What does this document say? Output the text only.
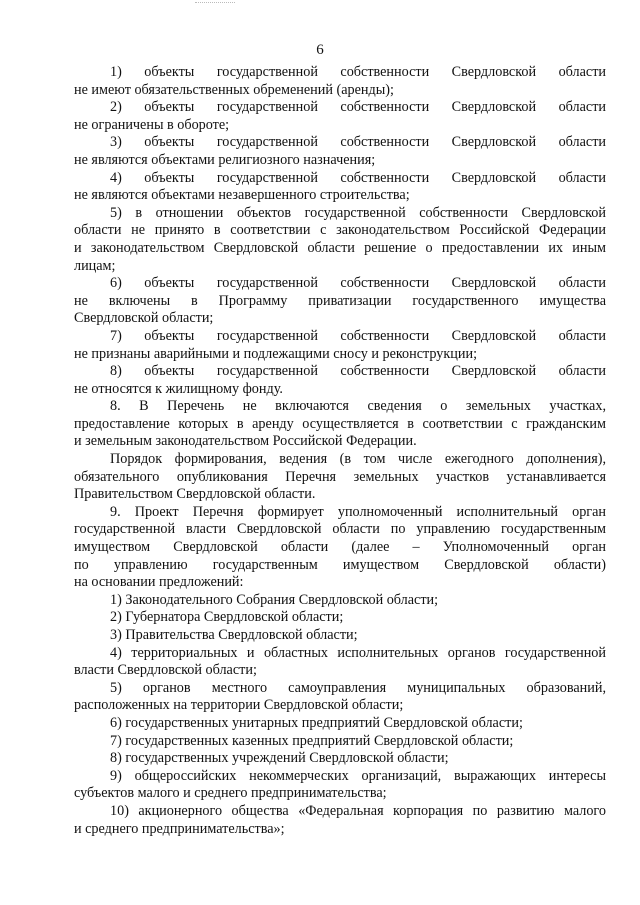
6
1) объекты государственной собственности Свердловской области
не имеют обязательственных обременений (аренды);
2) объекты государственной собственности Свердловской области
не ограничены в обороте;
3) объекты государственной собственности Свердловской области
не являются объектами религиозного назначения;
4) объекты государственной собственности Свердловской области
не являются объектами незавершенного строительства;
5) в отношении объектов государственной собственности Свердловской
области не принято в соответствии с законодательством Российской Федерации
и законодательством Свердловской области решение о предоставлении их иным
лицам;
6) объекты государственной собственности Свердловской области
не включены в Программу приватизации государственного имущества
Свердловской области;
7) объекты государственной собственности Свердловской области
не признаны аварийными и подлежащими сносу и реконструкции;
8) объекты государственной собственности Свердловской области
не относятся к жилищному фонду.
8. В Перечень не включаются сведения о земельных участках,
предоставление которых в аренду осуществляется в соответствии с гражданским
и земельным законодательством Российской Федерации.
Порядок формирования, ведения (в том числе ежегодного дополнения),
обязательного опубликования Перечня земельных участков устанавливается
Правительством Свердловской области.
9. Проект Перечня формирует уполномоченный исполнительный орган
государственной власти Свердловской области по управлению государственным
имуществом Свердловской области (далее – Уполномоченный орган
по управлению государственным имуществом Свердловской области)
на основании предложений:
1) Законодательного Собрания Свердловской области;
2) Губернатора Свердловской области;
3) Правительства Свердловской области;
4) территориальных и областных исполнительных органов государственной
власти Свердловской области;
5) органов местного самоуправления муниципальных образований,
расположенных на территории Свердловской области;
6) государственных унитарных предприятий Свердловской области;
7) государственных казенных предприятий Свердловской области;
8) государственных учреждений Свердловской области;
9) общероссийских некоммерческих организаций, выражающих интересы
субъектов малого и среднего предпринимательства;
10) акционерного общества «Федеральная корпорация по развитию малого
и среднего предпринимательства»;
